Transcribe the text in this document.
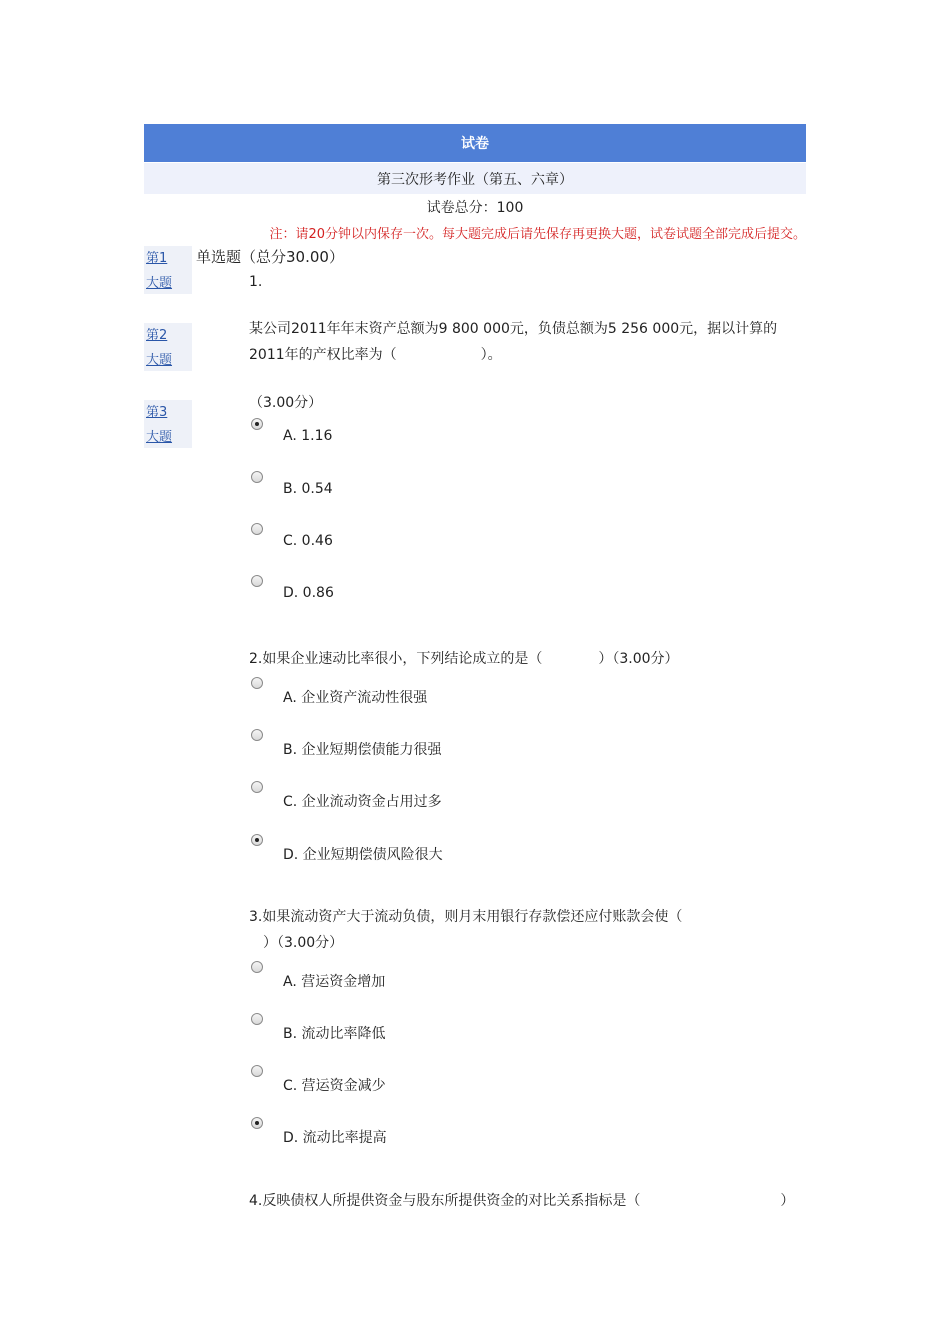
试卷
第三次形考作业（第五、六章）
试卷总分：100
注：请20分钟以内保存一次。每大题完成后请先保存再更换大题，试卷试题全部完成后提交。
第1
大题
第2
大题
第3
大题
单选题（总分30.00）
1.
某公司2011年年末资产总额为9 800 000元，负债总额为5 256 000元，据以计算的
2011年的产权比率为（　　　　　　）。
（3.00分）
A. 1.16
B. 0.54
C. 0.46
D. 0.86
2.如果企业速动比率很小，下列结论成立的是（　　　　）（3.00分）
A. 企业资产流动性很强
B. 企业短期偿债能力很强
C. 企业流动资金占用过多
D. 企业短期偿债风险很大
3.如果流动资产大于流动负债，则月末用银行存款偿还应付账款会使（
　）（3.00分）
A. 营运资金增加
B. 流动比率降低
C. 营运资金减少
D. 流动比率提高
4.反映债权人所提供资金与股东所提供资金的对比关系指标是（　　　　　　　　　　）
